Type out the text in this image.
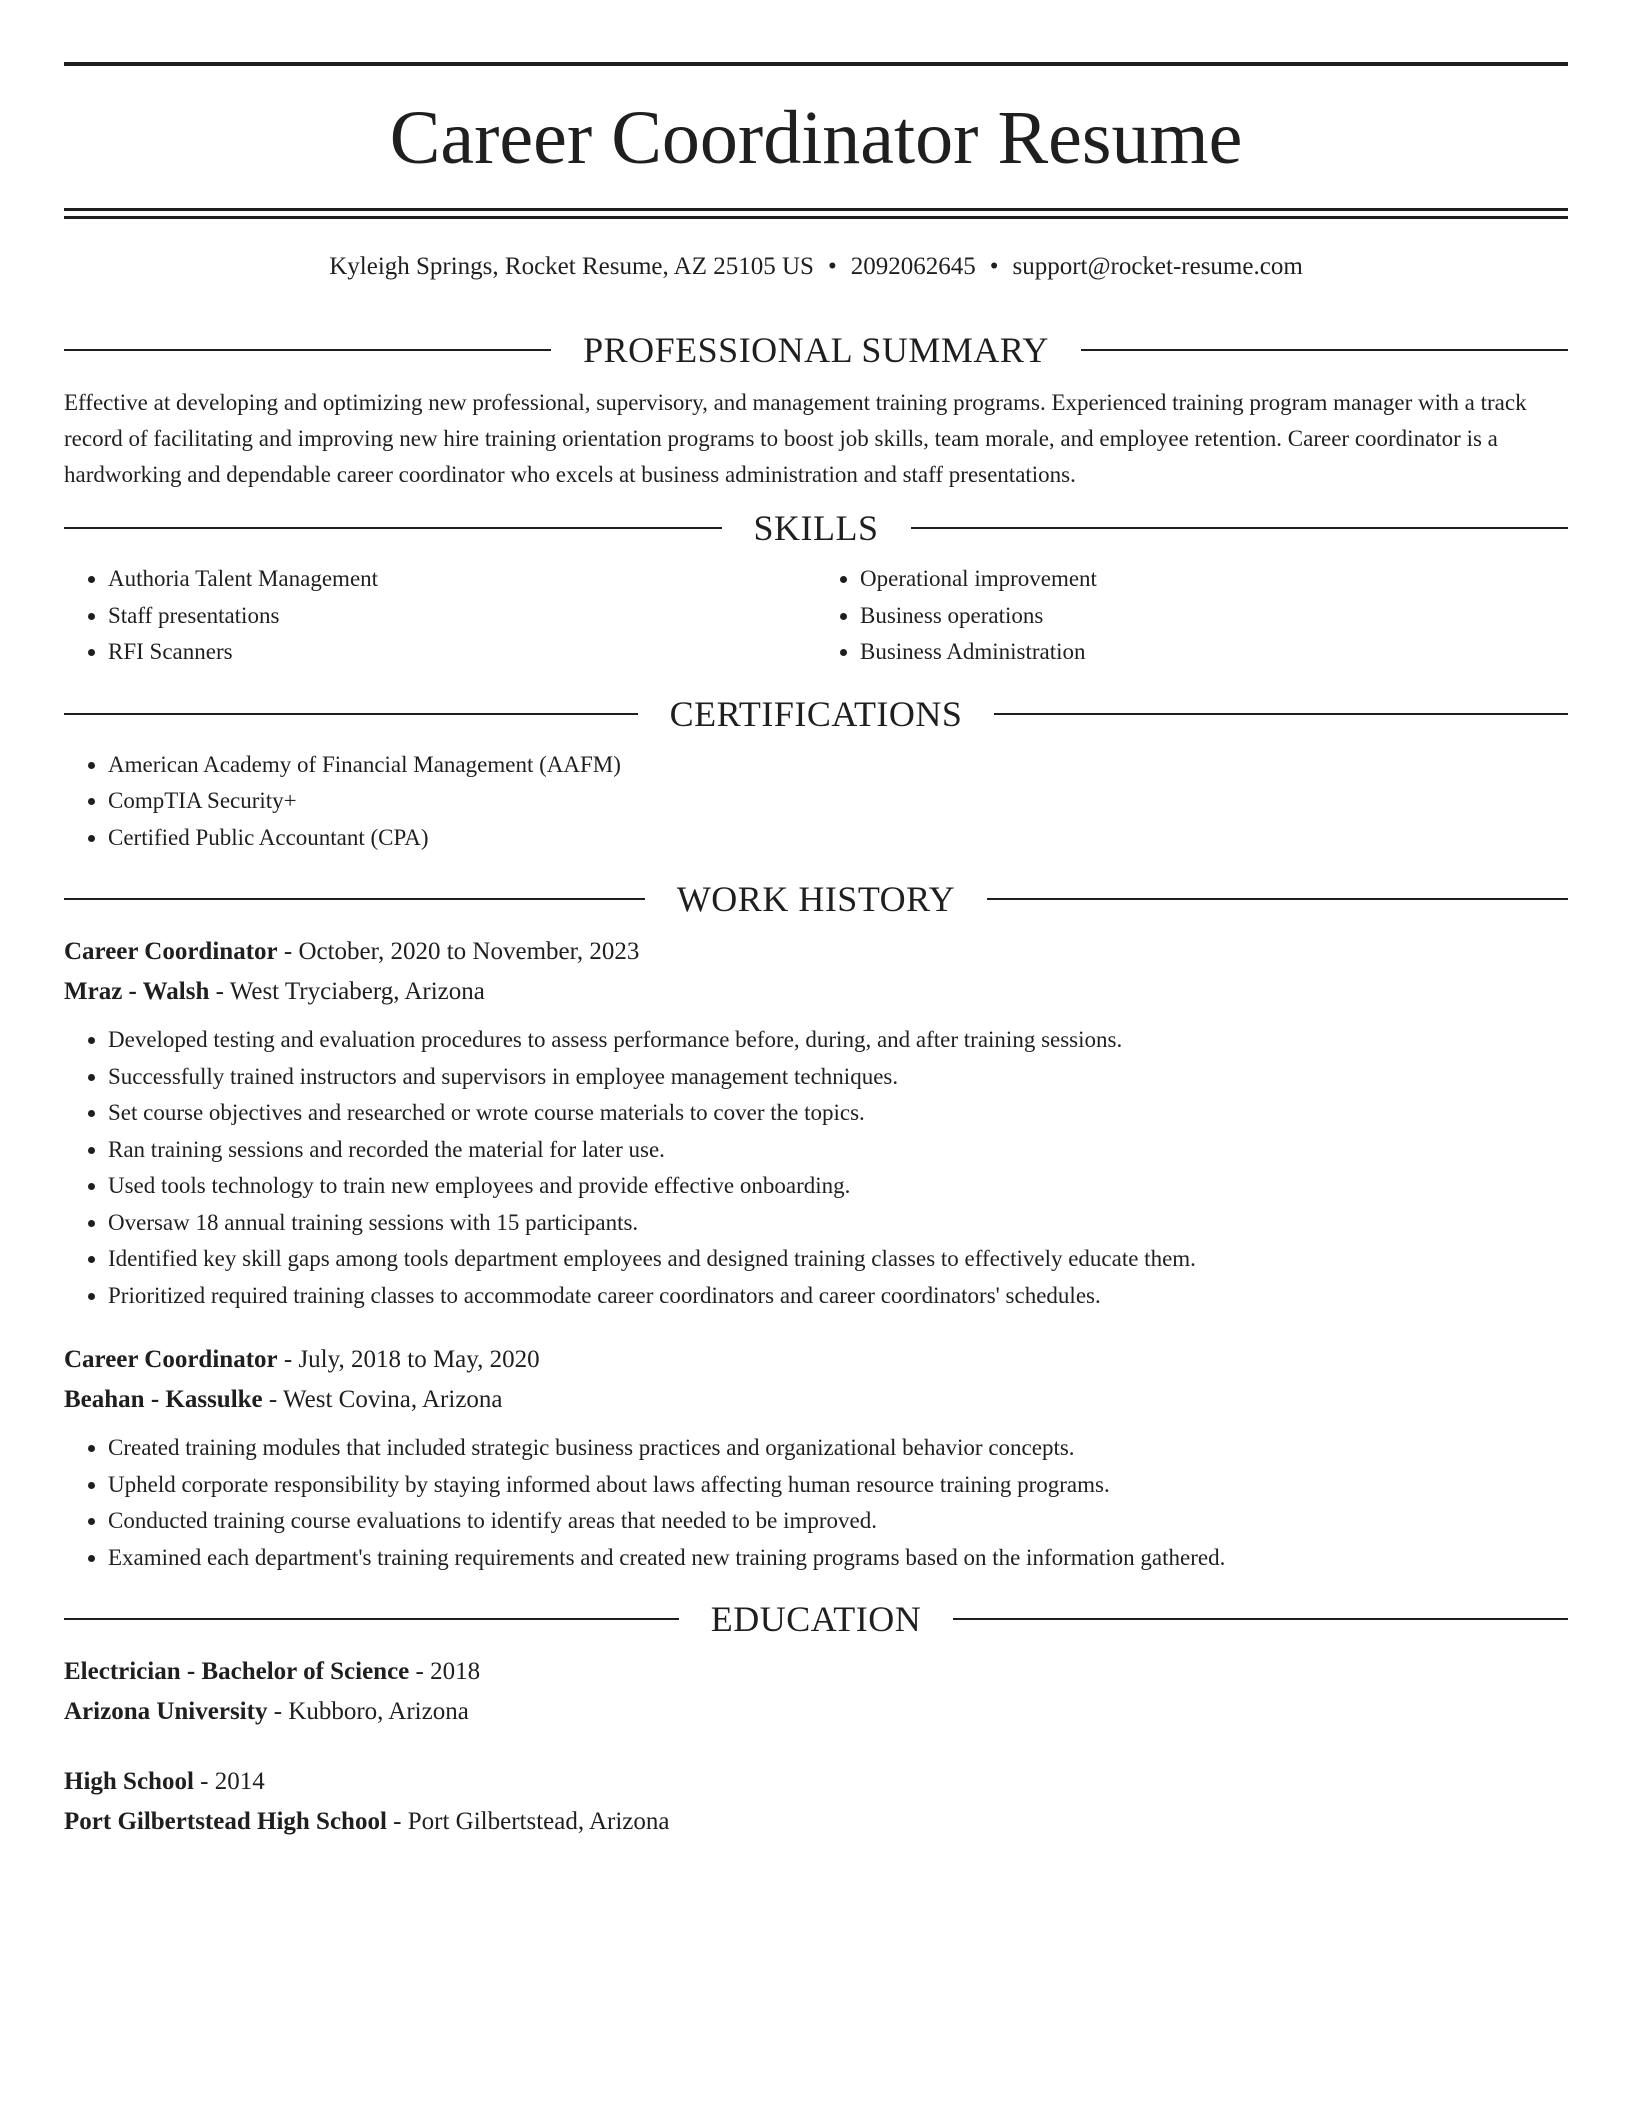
Career Coordinator Resume
Kyleigh Springs, Rocket Resume, AZ 25105 US • 2092062645 • support@rocket-resume.com
PROFESSIONAL SUMMARY

Effective at developing and optimizing new professional, supervisory, and management training programs. Experienced training program manager with a track record of facilitating and improving new hire training orientation programs to boost job skills, team morale, and employee retention. Career coordinator is a hardworking and dependable career coordinator who excels at business administration and staff presentations.

SKILLS
• Authoria Talent Management
• Staff presentations
• RFI Scanners
• Operational improvement
• Business operations
• Business Administration
CERTIFICATIONS
• American Academy of Financial Management (AAFM)
• CompTIA Security+
• Certified Public Accountant (CPA)
WORK HISTORY
Career Coordinator - October, 2020 to November, 2023
Mraz - Walsh - West Tryciaberg, Arizona
• Developed testing and evaluation procedures to assess performance before, during, and after training sessions.
• Successfully trained instructors and supervisors in employee management techniques.
• Set course objectives and researched or wrote course materials to cover the topics.
• Ran training sessions and recorded the material for later use.
• Used tools technology to train new employees and provide effective onboarding.
• Oversaw 18 annual training sessions with 15 participants.
• Identified key skill gaps among tools department employees and designed training classes to effectively educate them.
• Prioritized required training classes to accommodate career coordinators and career coordinators' schedules.
Career Coordinator - July, 2018 to May, 2020
Beahan - Kassulke - West Covina, Arizona
• Created training modules that included strategic business practices and organizational behavior concepts.
• Upheld corporate responsibility by staying informed about laws affecting human resource training programs.
• Conducted training course evaluations to identify areas that needed to be improved.
• Examined each department's training requirements and created new training programs based on the information gathered.
EDUCATION
Electrician - Bachelor of Science - 2018
Arizona University - Kubboro, Arizona
High School - 2014
Port Gilbertstead High School - Port Gilbertstead, Arizona
